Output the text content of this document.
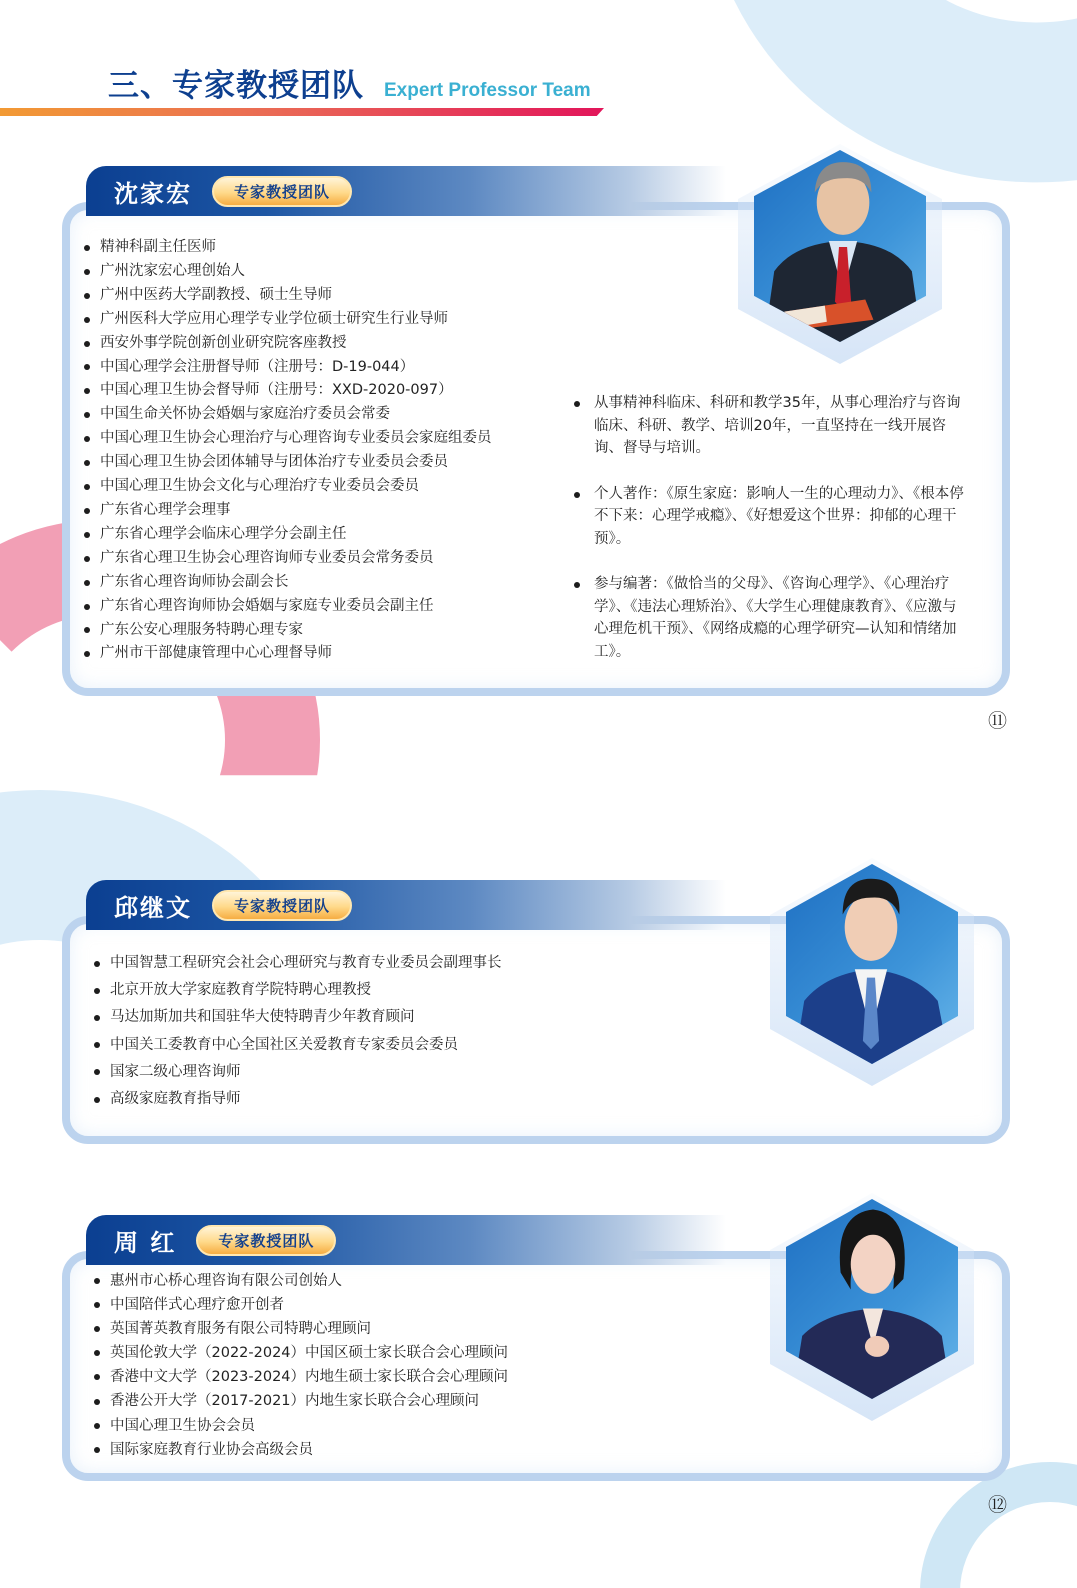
三、专家教授团队 Expert Professor Team
沈家宏	专家教授团队
精神科副主任医师
广州沈家宏心理创始人
广州中医药大学副教授、硕士生导师
广州医科大学应用心理学专业学位硕士研究生行业导师
西安外事学院创新创业研究院客座教授
中国心理学会注册督导师（注册号：D-19-044）
中国心理卫生协会督导师（注册号：XXD-2020-097）
中国生命关怀协会婚姻与家庭治疗委员会常委
中国心理卫生协会心理治疗与心理咨询专业委员会家庭组委员
中国心理卫生协会团体辅导与团体治疗专业委员会委员
中国心理卫生协会文化与心理治疗专业委员会委员
广东省心理学会理事
广东省心理学会临床心理学分会副主任
广东省心理卫生协会心理咨询师专业委员会常务委员
广东省心理咨询师协会副会长
广东省心理咨询师协会婚姻与家庭专业委员会副主任
广东公安心理服务特聘心理专家
广州市干部健康管理中心心理督导师
从事精神科临床、科研和教学35年，从事心理治疗与咨询临床、科研、教学、培训20年，一直坚持在一线开展咨询、督导与培训。
个人著作：《原生家庭：影响人一生的心理动力》、《根本停不下来：心理学戒瘾》、《好想爱这个世界：抑郁的心理干预》。
参与编著：《做恰当的父母》、《咨询心理学》、《心理治疗学》、《违法心理矫治》、《大学生心理健康教育》、《应激与心理危机干预》、《网络成瘾的心理学研究—认知和情绪加工》。
⑪
邱继文	专家教授团队
中国智慧工程研究会社会心理研究与教育专业委员会副理事长
北京开放大学家庭教育学院特聘心理教授
马达加斯加共和国驻华大使特聘青少年教育顾问
中国关工委教育中心全国社区关爱教育专家委员会委员
国家二级心理咨询师
高级家庭教育指导师
周 红	专家教授团队
惠州市心桥心理咨询有限公司创始人
中国陪伴式心理疗愈开创者
英国菁英教育服务有限公司特聘心理顾问
英国伦敦大学（2022-2024）中国区硕士家长联合会心理顾问
香港中文大学（2023-2024）内地生硕士家长联合会心理顾问
香港公开大学（2017-2021）内地生家长联合会心理顾问
中国心理卫生协会会员
国际家庭教育行业协会高级会员
⑫
